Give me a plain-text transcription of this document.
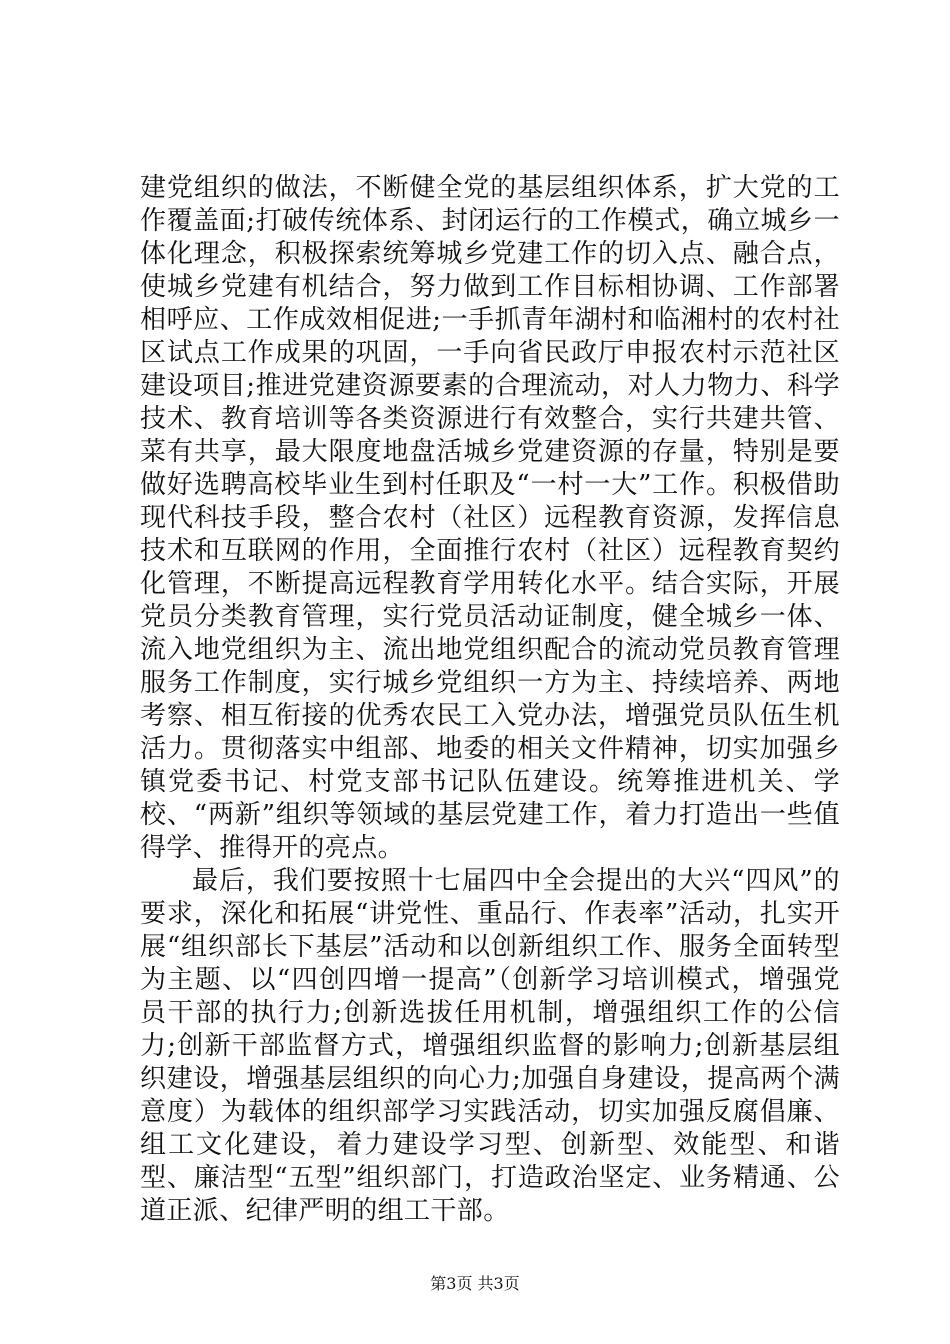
建党组织的做法，不断健全党的基层组织体系，扩大党的工作覆盖面;打破传统体系、封闭运行的工作模式，确立城乡一体化理念，积极探索统筹城乡党建工作的切入点、融合点，使城乡党建有机结合，努力做到工作目标相协调、工作部署相呼应、工作成效相促进;一手抓青年湖村和临湘村的农村社区试点工作成果的巩固，一手向省民政厅申报农村示范社区建设项目;推进党建资源要素的合理流动，对人力物力、科学技术、教育培训等各类资源进行有效整合，实行共建共管、菜有共享，最大限度地盘活城乡党建资源的存量，特别是要做好选聘高校毕业生到村任职及“一村一大”工作。积极借助现代科技手段，整合农村（社区）远程教育资源，发挥信息技术和互联网的作用，全面推行农村（社区）远程教育契约化管理，不断提高远程教育学用转化水平。结合实际，开展党员分类教育管理，实行党员活动证制度，健全城乡一体、流入地党组织为主、流出地党组织配合的流动党员教育管理服务工作制度，实行城乡党组织一方为主、持续培养、两地考察、相互衔接的优秀农民工入党办法，增强党员队伍生机活力。贯彻落实中组部、地委的相关文件精神，切实加强乡镇党委书记、村党支部书记队伍建设。统筹推进机关、学校、“两新”组织等领域的基层党建工作，着力打造出一些值得学、推得开的亮点。

最后，我们要按照十七届四中全会提出的大兴“四风”的要求，深化和拓展“讲党性、重品行、作表率”活动，扎实开展“组织部长下基层”活动和以创新组织工作、服务全面转型为主题、以“四创四增一提高”（创新学习培训模式，增强党员干部的执行力;创新选拔任用机制，增强组织工作的公信力;创新干部监督方式，增强组织监督的影响力;创新基层组织建设，增强基层组织的向心力;加强自身建设，提高两个满意度）为载体的组织部学习实践活动，切实加强反腐倡廉、组工文化建设，着力建设学习型、创新型、效能型、和谐型、廉洁型“五型”组织部门，打造政治坚定、业务精通、公道正派、纪律严明的组工干部。

第3页 共3页
